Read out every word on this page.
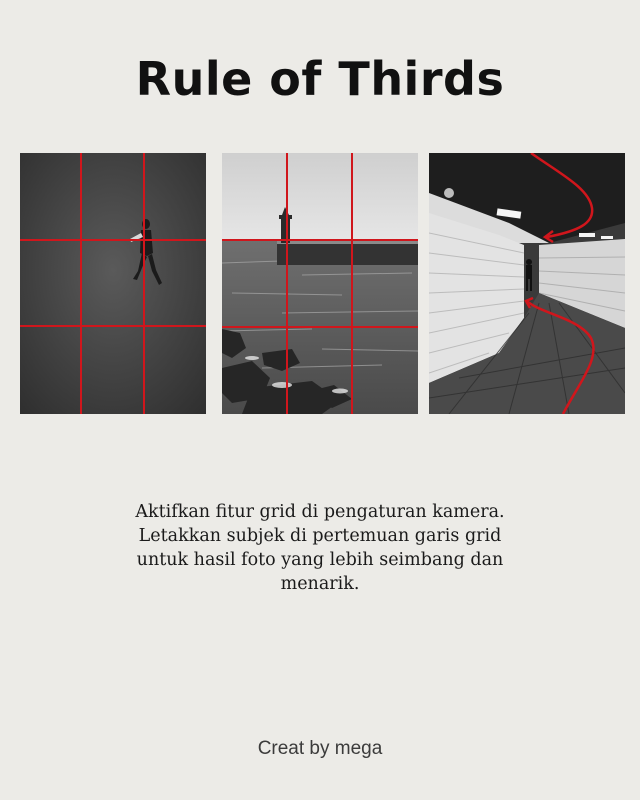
Rule of Thirds
Aktifkan fitur grid di pengaturan kamera.
Letakkan subjek di pertemuan garis grid
untuk hasil foto yang lebih seimbang dan
menarik.
Creat by mega
